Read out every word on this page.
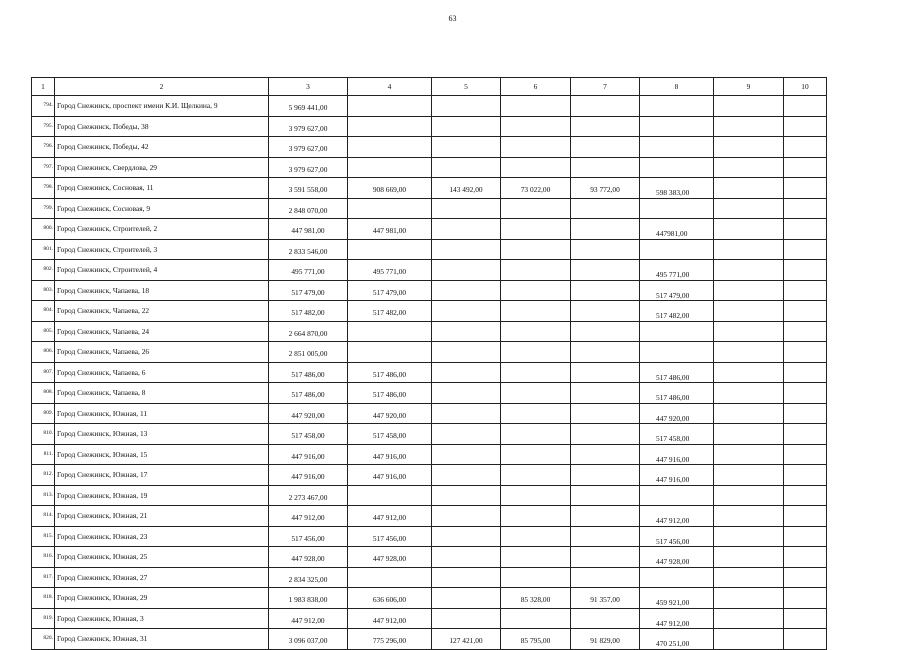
63
1	2	3	4	5	6	7	8	9	10
794.	Город Снежинск, проспект имени К.И. Щелкина, 9	5 969 441,00							
795.	Город Снежинск, Победы, 38	3 979 627,00							
796.	Город Снежинск, Победы, 42	3 979 627,00							
797.	Город Снежинск, Свердлова, 29	3 979 627,00							
798.	Город Снежинск, Сосновая, 11	3 591 558,00	908 669,00	143 492,00	73 022,00	93 772,00	598 383,00		
799.	Город Снежинск, Сосновая, 9	2 848 070,00							
800.	Город Снежинск, Строителей, 2	447 981,00	447 981,00				447981,00		
801.	Город Снежинск, Строителей, 3	2 833 546,00							
802.	Город Снежинск, Строителей, 4	495 771,00	495 771,00				495 771,00		
803.	Город Снежинск, Чапаева, 18	517 479,00	517 479,00				517 479,00		
804.	Город Снежинск, Чапаева, 22	517 482,00	517 482,00				517 482,00		
805.	Город Снежинск, Чапаева, 24	2 664 870,00							
806.	Город Снежинск, Чапаева, 26	2 851 005,00							
807.	Город Снежинск, Чапаева, 6	517 486,00	517 486,00				517 486,00		
808.	Город Снежинск, Чапаева, 8	517 486,00	517 486,00				517 486,00		
809.	Город Снежинск, Южная, 11	447 920,00	447 920,00				447 920,00		
810.	Город Снежинск, Южная, 13	517 458,00	517 458,00				517 458,00		
811.	Город Снежинск, Южная, 15	447 916,00	447 916,00				447 916,00		
812.	Город Снежинск, Южная, 17	447 916,00	447 916,00				447 916,00		
813.	Город Снежинск, Южная, 19	2 273 467,00							
814.	Город Снежинск, Южная, 21	447 912,00	447 912,00				447 912,00		
815.	Город Снежинск, Южная, 23	517 456,00	517 456,00				517 456,00		
816.	Город Снежинск, Южная, 25	447 928,00	447 928,00				447 928,00		
817.	Город Снежинск, Южная, 27	2 834 325,00							
818.	Город Снежинск, Южная, 29	1 983 838,00	636 606,00		85 328,00	91 357,00	459 921,00		
819.	Город Снежинск, Южная, 3	447 912,00	447 912,00				447 912,00		
820.	Город Снежинск, Южная, 31	3 096 037,00	775 296,00	127 421,00	85 795,00	91 829,00	470 251,00		
